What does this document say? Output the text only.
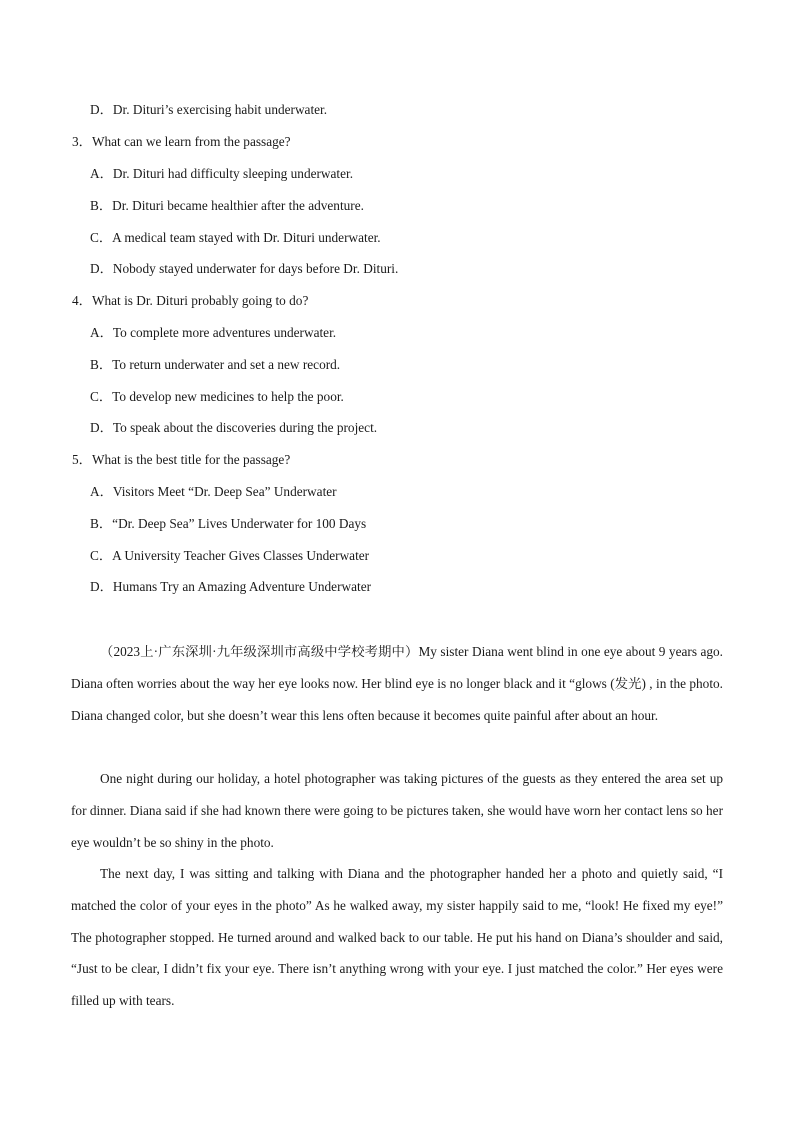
D．Dr. Dituri’s exercising habit underwater.
3．What can we learn from the passage?
A．Dr. Dituri had difficulty sleeping underwater.
B．Dr. Dituri became healthier after the adventure.
C．A medical team stayed with Dr. Dituri underwater.
D．Nobody stayed underwater for days before Dr. Dituri.
4．What is Dr. Dituri probably going to do?
A．To complete more adventures underwater.
B．To return underwater and set a new record.
C．To develop new medicines to help the poor.
D．To speak about the discoveries during the project.
5．What is the best title for the passage?
A．Visitors Meet “Dr. Deep Sea” Underwater
B．“Dr. Deep Sea” Lives Underwater for 100 Days
C．A University Teacher Gives Classes Underwater
D．Humans Try an Amazing Adventure Underwater

（2023上·广东深圳·九年级深圳市高级中学校考期中）My sister Diana went blind in one eye about 9 years ago. Diana often worries about the way her eye looks now. Her blind eye is no longer black and it “glows (发光) , in the photo. Diana changed color, but she doesn’t wear this lens often because it becomes quite painful after about an hour.

One night during our holiday, a hotel photographer was taking pictures of the guests as they entered the area set up for dinner. Diana said if she had known there were going to be pictures taken, she would have worn her contact lens so her eye wouldn’t be so shiny in the photo.

The next day, I was sitting and talking with Diana and the photographer handed her a photo and quietly said, “I matched the color of your eyes in the photo” As he walked away, my sister happily said to me, “look! He fixed my eye!” The photographer stopped. He turned around and walked back to our table. He put his hand on Diana’s shoulder and said, “Just to be clear, I didn’t fix your eye. There isn’t anything wrong with your eye. I just matched the color.” Her eyes were filled up with tears.
